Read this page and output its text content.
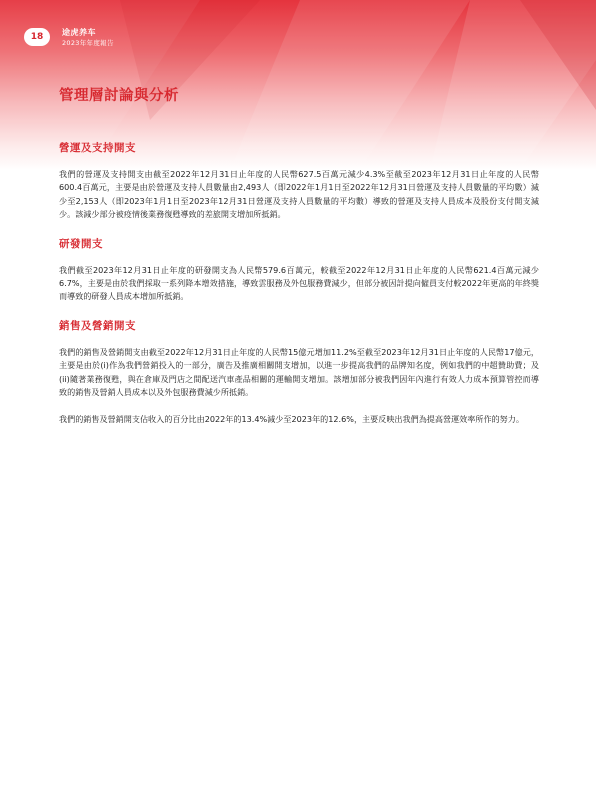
18	途虎养车
2023年年度報告
管理層討論與分析
營運及支持開支

我們的營運及支持開支由截至2022年12月31日止年度的人民幣627.5百萬元減少4.3%至截至2023年12月31日止年度的人民幣600.4百萬元，主要是由於營運及支持人員數量由2,493人（即2022年1月1日至2022年12月31日營運及支持人員數量的平均數）減少至2,153人（即2023年1月1日至2023年12月31日營運及支持人員數量的平均數）導致的營運及支持人員成本及股份支付開支減少。該減少部分被疫情後業務復甦導致的差旅開支增加所抵銷。

研發開支

我們截至2023年12月31日止年度的研發開支為人民幣579.6百萬元，較截至2022年12月31日止年度的人民幣621.4百萬元減少6.7%，主要是由於我們採取一系列降本增效措施，導致雲服務及外包服務費減少，但部分被因計提向僱員支付較2022年更高的年終獎而導致的研發人員成本增加所抵銷。

銷售及營銷開支

我們的銷售及營銷開支由截至2022年12月31日止年度的人民幣15億元增加11.2%至截至2023年12月31日止年度的人民幣17億元，主要是由於(i)作為我們營銷投入的一部分，廣告及推廣相關開支增加，以進一步提高我們的品牌知名度，例如我們的中超贊助費；及(ii)隨著業務復甦，與在倉庫及門店之間配送汽車產品相關的運輸開支增加。該增加部分被我們因年內進行有效人力成本預算管控而導致的銷售及營銷人員成本以及外包服務費減少所抵銷。

我們的銷售及營銷開支佔收入的百分比由2022年的13.4%減少至2023年的12.6%，主要反映出我們為提高營運效率所作的努力。
